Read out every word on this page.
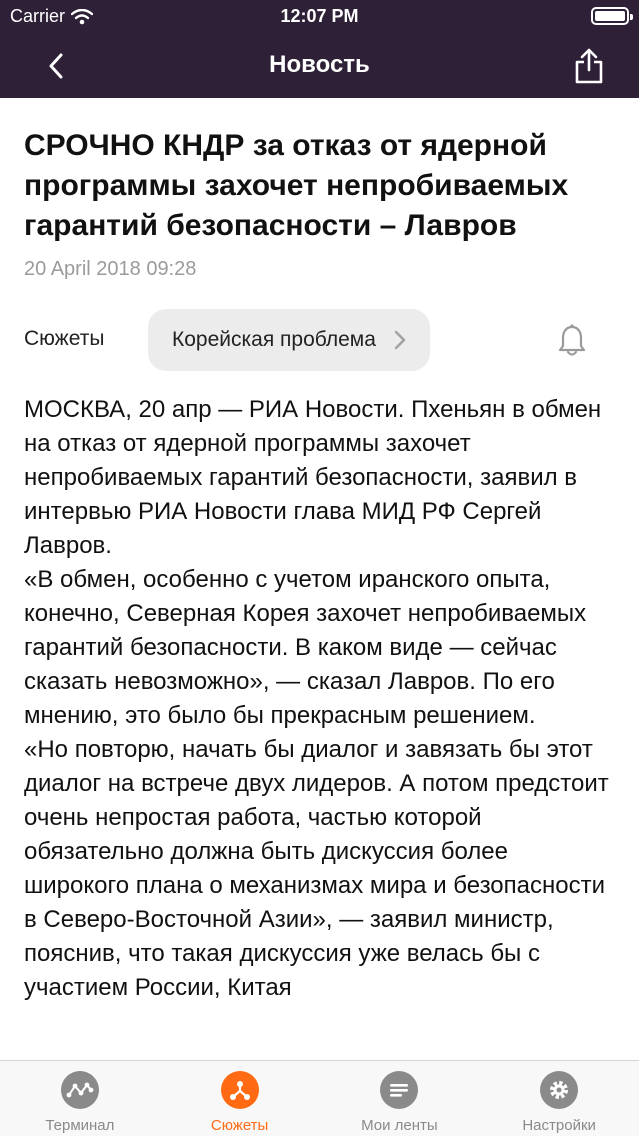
Carrier	12:07 PM
Новость
СРОЧНО КНДР за отказ от ядерной программы захочет непробиваемых гарантий безопасности – Лавров
20 April 2018 09:28
Сюжеты	Корейская проблема

МОСКВА, 20 апр — РИА Новости. Пхеньян в обмен на отказ от ядерной программы захочет непробиваемых гарантий безопасности, заявил в интервью РИА Новости глава МИД РФ Сергей Лавров.

«В обмен, особенно с учетом иранского опыта, конечно, Северная Корея захочет непробиваемых гарантий безопасности. В каком виде — сейчас сказать невозможно», — сказал Лавров. По его мнению, это было бы прекрасным решением.

«Но повторю, начать бы диалог и завязать бы этот диалог на встрече двух лидеров. А потом предстоит очень непростая работа, частью которой обязательно должна быть дискуссия более широкого плана о механизмах мира и безопасности в Северо-Восточной Азии», — заявил министр, пояснив, что такая дискуссия уже велась бы с участием России, Китая

Терминал	Сюжеты	Мои ленты	Настройки
